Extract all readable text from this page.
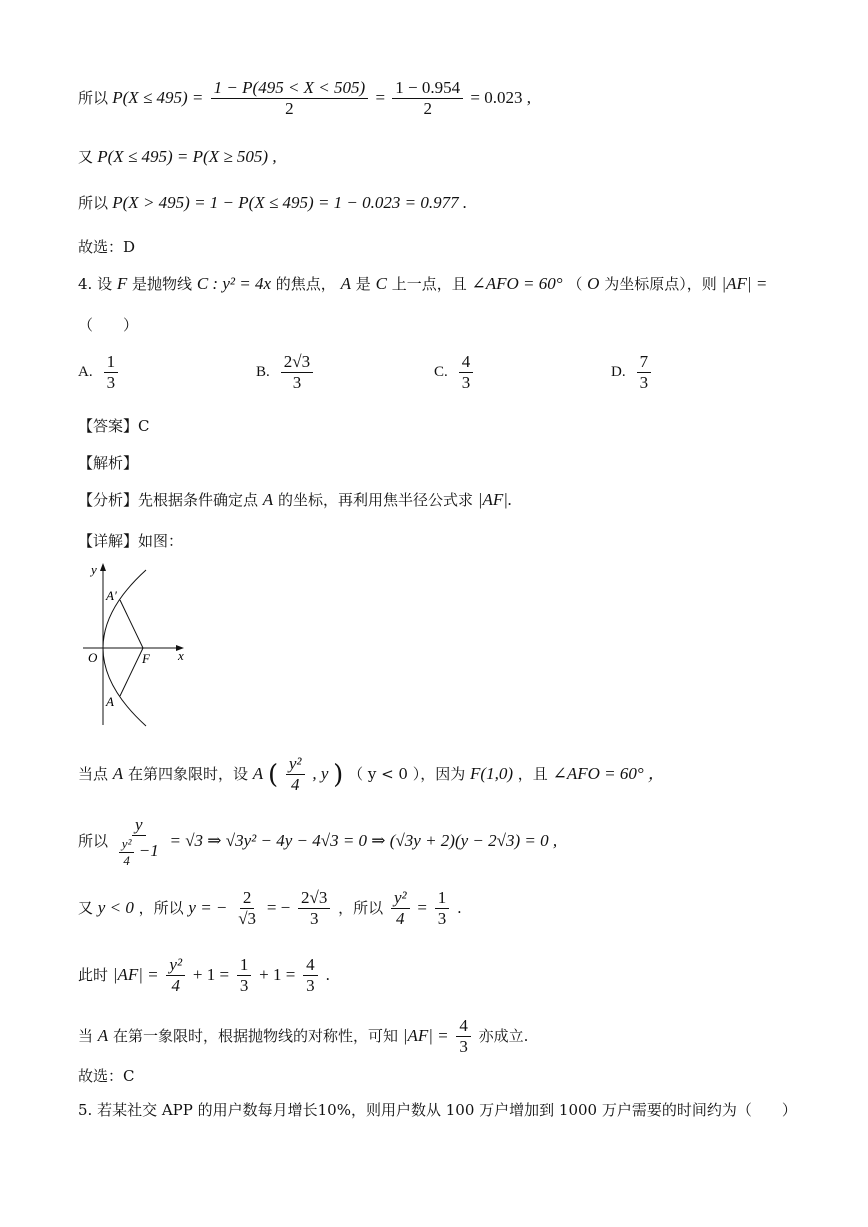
所以 $P(X \le 495) = \frac{1 - P(495 < X < 505)}{2} = \frac{1 - 0.954}{2} = 0.023$ ,
又 P(X ≤ 495) = P(X ≥ 505) ,
所以 P(X > 495) = 1 − P(X ≤ 495) = 1 − 0.023 = 0.977 .
故选：D
4. 设 F 是抛物线 C : y² = 4x 的焦点， A 是 C 上一点，且 ∠AFO = 60° （ O 为坐标原点），则 |AF| =
（　　）
A. $\frac{1}{3}$	B. $\frac{2√3}{3}$	C. $\frac{4}{3}$	D. $\frac{7}{3}$
【答案】C
【解析】
【分析】先根据条件确定点 A 的坐标，再利用焦半径公式求 |AF|.
【详解】如图：
y
x
O	F
A′
A
当点 A 在第四象限时，设 A ( $\frac{\text{y²}}{4}$ , y ) （ y < 0 ），因为 F(1,0) ，且 ∠AFO = 60° ，
所以 $\frac{y}{\frac{\text{y²}}{4} -1} = √3$ ⇒ √3y² − 4y − 4√3 = 0 ⇒ (√3y + 2)(y − 2√3) = 0 ,
又 y < 0 ，所以 y = − $\frac{2}{√3}$ = − $\frac{2√3}{3}$ ，所以 $\frac{\text{y²}}{4} = \frac{1}{3}$ .
此时 $|AF| = \frac{\text{y²}}{4} + 1 = \frac{1}{3} + 1 = \frac{4}{3}$ .
当 A 在第一象限时，根据抛物线的对称性，可知 $|AF| = \frac{4}{3}$ 亦成立.
故选：C
5. 若某社交 APP 的用户数每月增长10%，则用户数从 100 万户增加到 1000 万户需要的时间约为（　　）
